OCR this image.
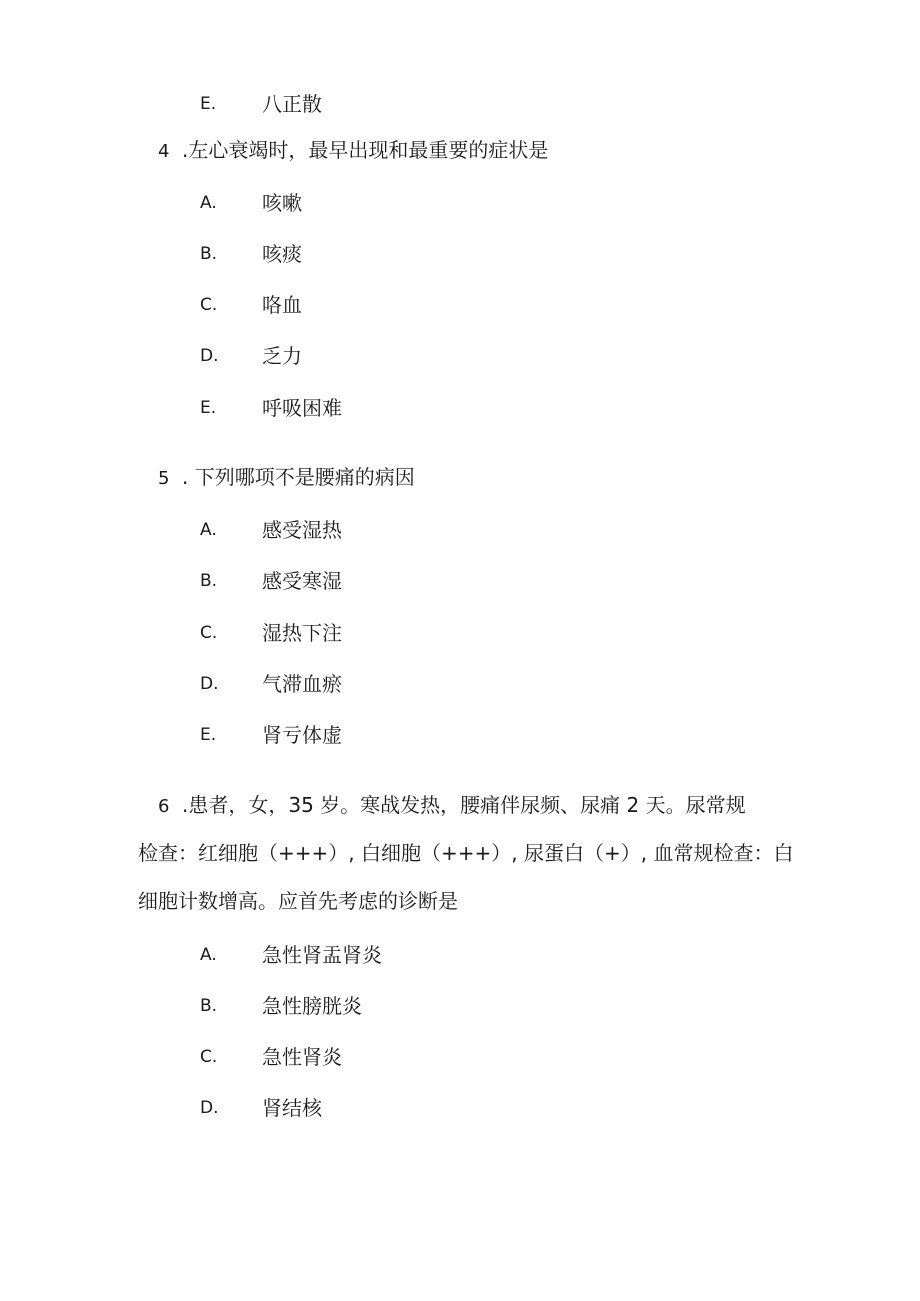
E.	八正散
4 .左心衰竭时，最早出现和最重要的症状是
A.	咳嗽
B.	咳痰
C.	咯血
D.	乏力
E.	呼吸困难
5 . 下列哪项不是腰痛的病因
A.	感受湿热
B.	感受寒湿
C.	湿热下注
D.	气滞血瘀
E.	肾亏体虚
6 .患者，女，35 岁。寒战发热，腰痛伴尿频、尿痛 2 天。尿常规
检查：红细胞（+++）, 白细胞（+++）, 尿蛋白（+）, 血常规检查：白
细胞计数增高。应首先考虑的诊断是
A.	急性肾盂肾炎
B.	急性膀胱炎
C.	急性肾炎
D.	肾结核
